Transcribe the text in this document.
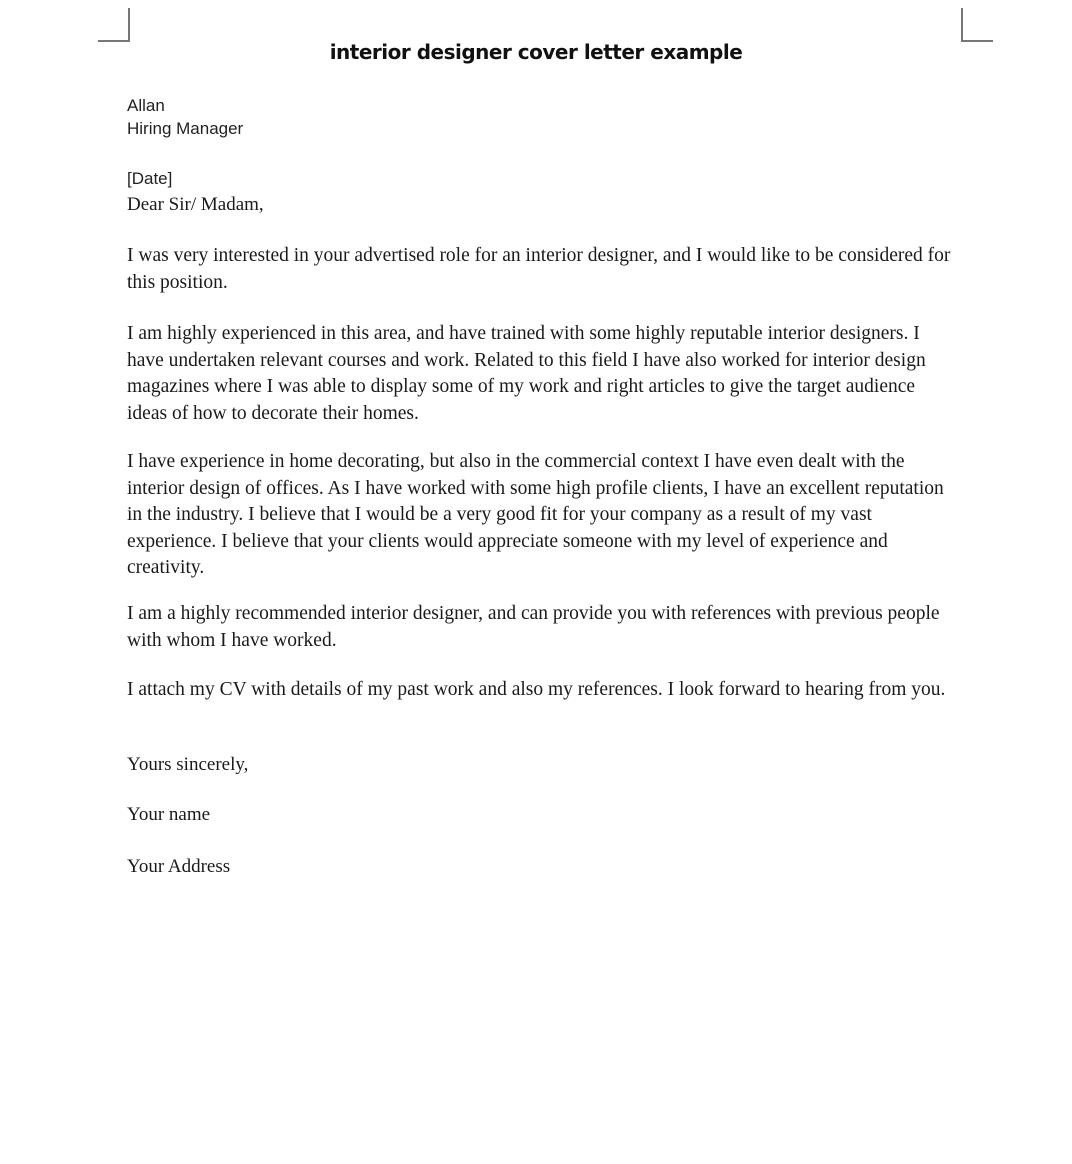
interior designer cover letter example
Allan
Hiring Manager
[Date]
Dear Sir/ Madam,
I was very interested in your advertised role for an interior designer, and I would like to be considered for this position.
I am highly experienced in this area, and have trained with some highly reputable interior designers. I have undertaken relevant courses and work. Related to this field I have also worked for interior design magazines where I was able to display some of my work and right articles to give the target audience ideas of how to decorate their homes.
I have experience in home decorating, but also in the commercial context I have even dealt with the interior design of offices. As I have worked with some high profile clients, I have an excellent reputation in the industry. I believe that I would be a very good fit for your company as a result of my vast experience. I believe that your clients would appreciate someone with my level of experience and creativity.
I am a highly recommended interior designer, and can provide you with references with previous people with whom I have worked.
I attach my CV with details of my past work and also my references. I look forward to hearing from you.
Yours sincerely,
Your name
Your Address
